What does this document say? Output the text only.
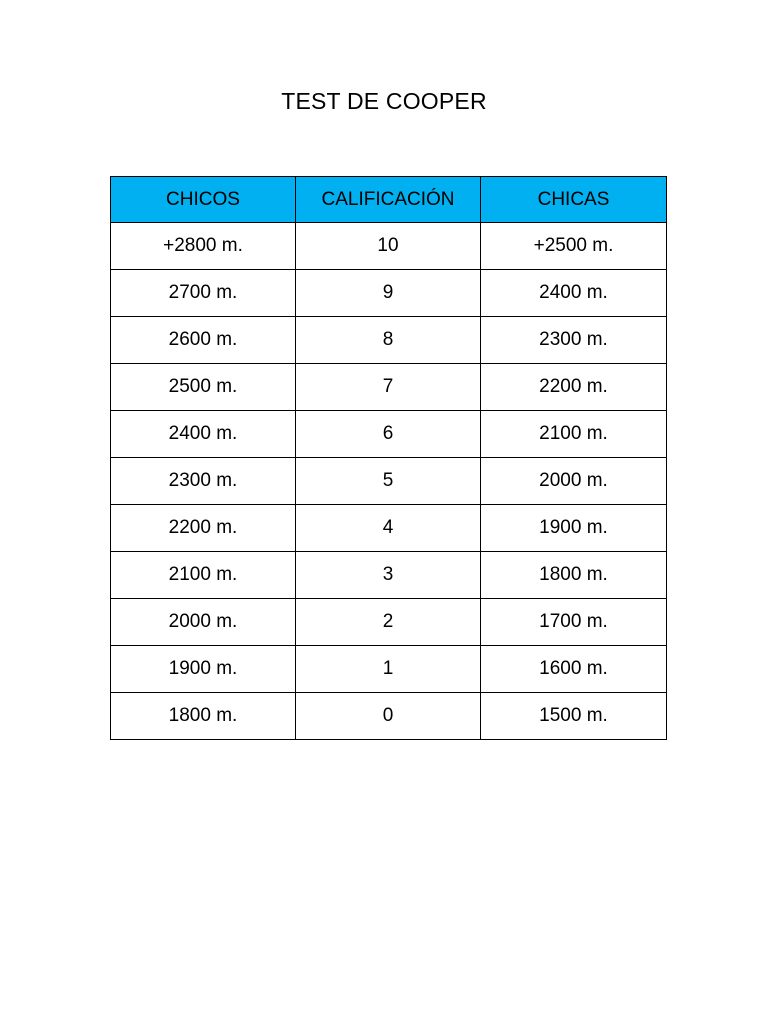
TEST DE COOPER
CHICOS	CALIFICACIÓN	CHICAS
+2800 m.	10	+2500 m.
2700 m.	9	2400 m.
2600 m.	8	2300 m.
2500 m.	7	2200 m.
2400 m.	6	2100 m.
2300 m.	5	2000 m.
2200 m.	4	1900 m.
2100 m.	3	1800 m.
2000 m.	2	1700 m.
1900 m.	1	1600 m.
1800 m.	0	1500 m.
